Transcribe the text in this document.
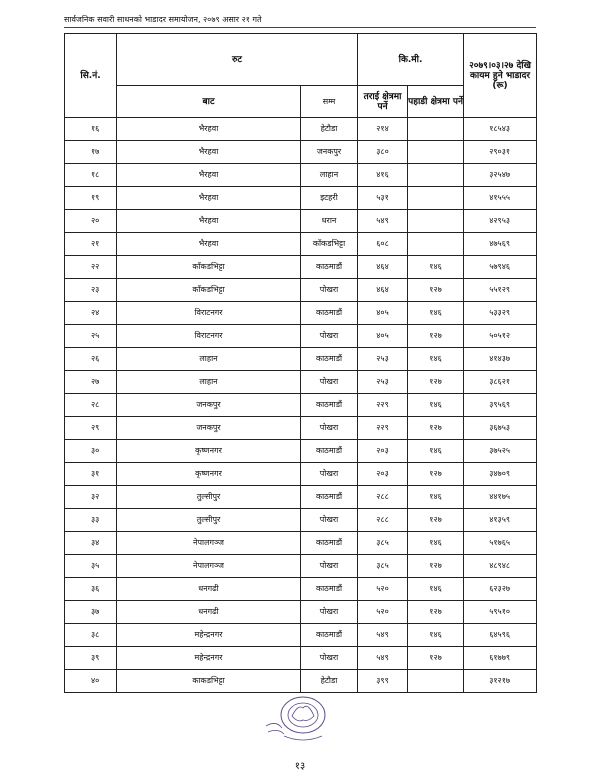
सार्वजनिक सवारी साधनको भाडादर समायोजन, २०७९ असार २१ गते
सि.नं.	रुट		कि.मी.		२०७९।०३।२७ देखि कायम हुने भाडादर (रू)
	बाट	सम्म	तराई क्षेत्रमा पर्ने	पहाडी क्षेत्रमा पर्ने	
१६	भैरहवा	हेटौडा	२१४		१८५४३
१७	भैरहवा	जनकपुर	३८०		२९०३१
१८	भैरहवा	लाहान	४१६		३२५४७
१९	भैरहवा	इटहरी	५३१		४१५५५
२०	भैरहवा	धरान	५४९		४२९५३
२१	भैरहवा	काँकडभिट्टा	६०८		४७५६९
२२	काँकडभिट्टा	काठमाडौं	४६४	१४६	५७९४६
२३	काँकडभिट्टा	पोखरा	४६४	१२७	५५१२९
२४	विराटनगर	काठमाडौं	४०५	१४६	५३३२९
२५	विराटनगर	पोखरा	४०५	१२७	५०५१२
२६	लाहान	काठमाडौं	२५३	१४६	४१४३७
२७	लाहान	पोखरा	२५३	१२७	३८६२१
२८	जनकपुर	काठमाडौं	२२९	१४६	३९५६९
२९	जनकपुर	पोखरा	२२९	१२७	३६७५३
३०	कृष्णनगर	काठमाडौं	२०३	१४६	३७५२५
३१	कृष्णनगर	पोखरा	२०३	१२७	३४७०९
३२	तुल्सीपुर	काठमाडौं	२८८	१४६	४४१७५
३३	तुल्सीपुर	पोखरा	२८८	१२७	४१३५९
३४	नेपालगञ्ज	काठमाडौं	३८५	१४६	५१७६५
३५	नेपालगञ्ज	पोखरा	३८५	१२७	४८९४८
३६	धनगढी	काठमाडौं	५२०	१४६	६२३२७
३७	धनगढी	पोखरा	५२०	१२७	५९५१०
३८	महेन्द्रनगर	काठमाडौं	५४९	१४६	६४५९६
३९	महेन्द्रनगर	पोखरा	५४९	१२७	६१७७९
४०	काकडभिट्टा	हेटौडा	३९९		३१२१७
१३
